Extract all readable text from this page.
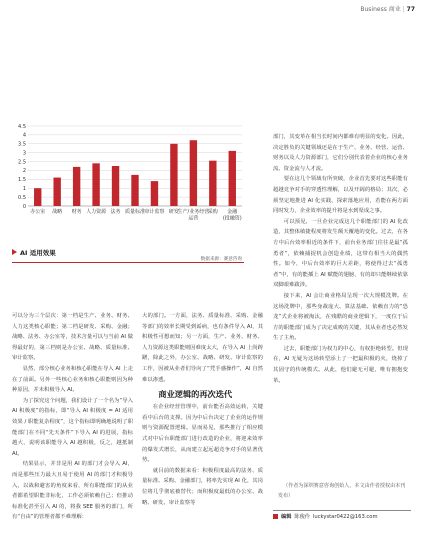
Business 商业 | 77
0
0.5
1
1.5
2
2.5
3
3.5
4
4.5
办公室 战略 财务 人力资源 法务 质量标准 审计监察 研发
生产/业务经营运营
采购	金融(投融资)
AI 适用效果
数据来源：赛意咨询

可以分为三个层次：第一档是生产、业务、财务、人力这类核心职能；第二档是研发、采购、金融；战略、法务、办公室等，技术含量可以与当前 AI 做得最好的，第三档则是办公室、战略、质量标准、审计监察。

显然，部分核心业务和核心职能在导入 AI 上走在了前面。另外一些核心业务和核心职能则因为种种原因，并未积极导入 AI。

为了探究这个问题，我们设计了一个名为“导入 AI 积极度”的指标，即“导入 AI 积极度 = AI 适用效果 / 职能复杂程度”，这个指标即明确地说明了职能部门在不同“先天条件”下导入 AI 的进展，指标越大，说明该职能导入 AI 越积极，反之，越抵制 AI。

结果显示，并非是用 AI 的部门才会导入 AI，而是那些压力最大且易于使用 AI 的部门才积极导入，以战和避害的角度来看，所有职能部门的从业者都希望职能非标化，工作必须依赖自己；但推动标准化甚至引入 AI 的，将我 SEE 服务的部门，所有“自由”的管理者都不难理解：

大的部门。一方面，法务、质量标准、采购、金融等部门的效率长期受到诟病，也有条件导入 AI，其积极性可想而知；另一方面，生产、业务、财务、人力资源这类职能则因难度太大，在导入 AI 上尚踌躇，除此之外，办公室、战略、研发、审计监察的工作，因被从业者们导向了“凭手感操作”，AI 自然难以渗透。

商业逻辑的再次迭代

在企业经营管理中，前台能否高效运转，关键看中后台的支撑。因为中后台决定了企业的运作规则与资源配置逻辑。显而易见，那些推行了相应模式对中后台职能部门进行改造的企业，将迎来效率的爆发式增长，从而建立起远超竞争对手的显著优势。

就目前的数据来看：积极程度最高的法务、质量标准、采购、金融部门，将率先实现 AI 化，其岗位将几乎彻底被替代；而积极度最低的办公室、战略、研发、审计监察等

部门，其变革在相当长时间内都难有明显的变化。因此，决定胜负的关键领域还是在于生产、业务、经营、运营、财务以及人力资源部门，它们分别代表着企业的核心业务流、资金流与人才流。

要在这几个领域有所突破，企业首先要对这些职能有超越竞争对手的穿透性理解，以及开阔的格局；其次，必须坚定地推进 AI 化实践，探索落地应用，若能在两方面同时发力，企业效率的提升将是水到渠成之事。

可以预见，一旦企业完成这几个职能部门的 AI 化改造，其整体敏捷程度将发生颠天覆地的变化。过去，在各方中后台效率相近的条件下，前台业务部门往往是最“孤勇者”，依赖捕捉机会创造业绩，这带有相当大的偶然性。如今，中后台效率的巨大差距，将使得过去“孤勇者”中，有的能插上 AI 赋能的翅膀，有的却只能继续依靠双脚艰难跋涉。

接下来，AI 会让商业格局呈现一次大规模洗牌。在这场洗牌中，那些身裁庞大、算法基础、依赖直力的“恐龙”式企业将被淘汰，在残酷的商业逻辑下，一度位于后方的职能部门成为了决定成败的关键，其从业者也必然发生了主角。

过去，职能部门为权力的中心，有权拒绝转型。但现在，AI 无疑为这场转型添上了一把最积极的火，烧掉了其固守的传统模式。从此，他们避无可避，唯有拥抱变革。

（作者为深圳赛意咨询创始人，本文由作者授权由本刊发布）
编辑 陈俊伶 luckystar0422@163.com
